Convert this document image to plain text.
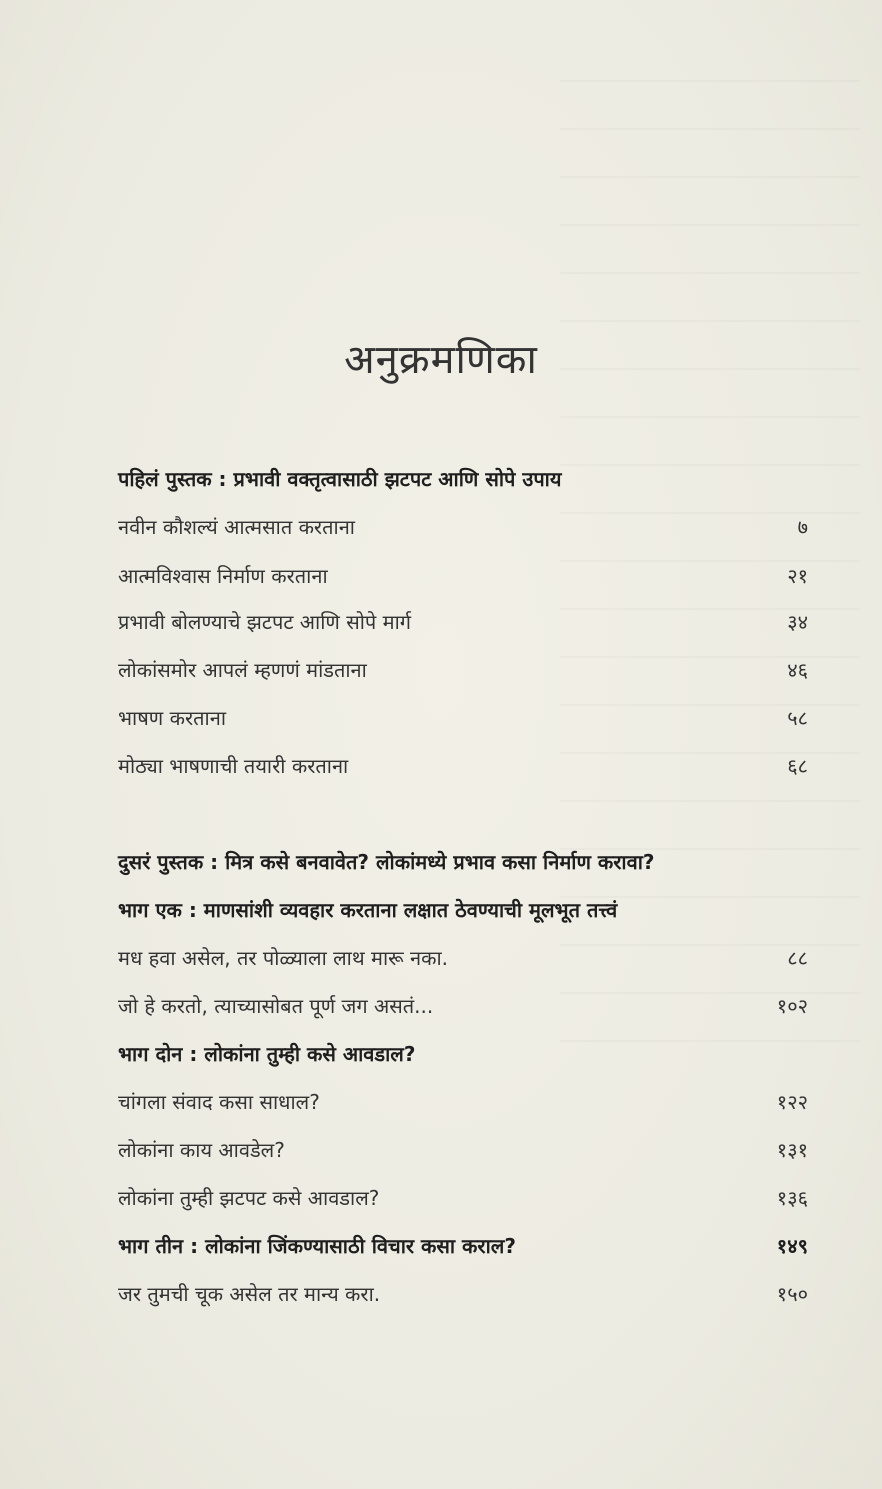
अनुक्रमणिका
पहिलं पुस्तक : प्रभावी वक्तृत्वासाठी झटपट आणि सोपे उपाय
नवीन कौशल्यं आत्मसात करताना	७
आत्मविश्वास निर्माण करताना	२१
प्रभावी बोलण्याचे झटपट आणि सोपे मार्ग	३४
लोकांसमोर आपलं म्हणणं मांडताना	४६
भाषण करताना	५८
मोठ्या भाषणाची तयारी करताना	६८
दुसरं पुस्तक : मित्र कसे बनवावेत? लोकांमध्ये प्रभाव कसा निर्माण करावा?
भाग एक : माणसांशी व्यवहार करताना लक्षात ठेवण्याची मूलभूत तत्त्वं
मध हवा असेल, तर पोळ्याला लाथ मारू नका.	८८
जो हे करतो, त्याच्यासोबत पूर्ण जग असतं...	१०२
भाग दोन : लोकांना तुम्ही कसे आवडाल?
चांगला संवाद कसा साधाल?	१२२
लोकांना काय आवडेल?	१३१
लोकांना तुम्ही झटपट कसे आवडाल?	१३६
भाग तीन : लोकांना जिंकण्यासाठी विचार कसा कराल?	१४९
जर तुमची चूक असेल तर मान्य करा.	१५०
